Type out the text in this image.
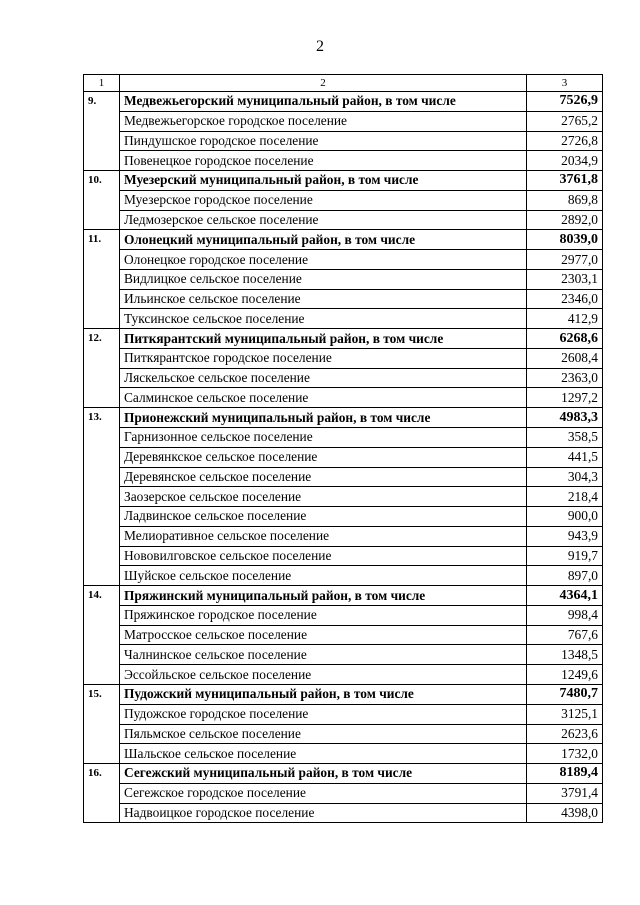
2
1	2	3
9.	Медвежьегорский муниципальный район, в том числе	7526,9
	Медвежьегорское городское поселение	2765,2
	Пиндушское городское поселение	2726,8
	Повенецкое городское поселение	2034,9
10.	Муезерский муниципальный район, в том числе	3761,8
	Муезерское городское поселение	869,8
	Ледмозерское сельское поселение	2892,0
11.	Олонецкий муниципальный район, в том числе	8039,0
	Олонецкое городское поселение	2977,0
	Видлицкое сельское поселение	2303,1
	Ильинское сельское поселение	2346,0
	Туксинское сельское поселение	412,9
12.	Питкярантский муниципальный район, в том числе	6268,6
	Питкярантское городское поселение	2608,4
	Ляскельское сельское поселение	2363,0
	Салминское сельское поселение	1297,2
13.	Прионежский муниципальный район, в том числе	4983,3
	Гарнизонное сельское поселение	358,5
	Деревянкское сельское поселение	441,5
	Деревянское сельское поселение	304,3
	Заозерское сельское поселение	218,4
	Ладвинское сельское поселение	900,0
	Мелиоративное сельское поселение	943,9
	Нововилговское сельское поселение	919,7
	Шуйское сельское поселение	897,0
14.	Пряжинский муниципальный район, в том числе	4364,1
	Пряжинское городское поселение	998,4
	Матросское сельское поселение	767,6
	Чалнинское сельское поселение	1348,5
	Эссойльское сельское поселение	1249,6
15.	Пудожский муниципальный район, в том числе	7480,7
	Пудожское городское поселение	3125,1
	Пяльмское сельское поселение	2623,6
	Шальское сельское поселение	1732,0
16.	Сегежский муниципальный район, в том числе	8189,4
	Сегежское городское поселение	3791,4
	Надвоицкое городское поселение	4398,0
